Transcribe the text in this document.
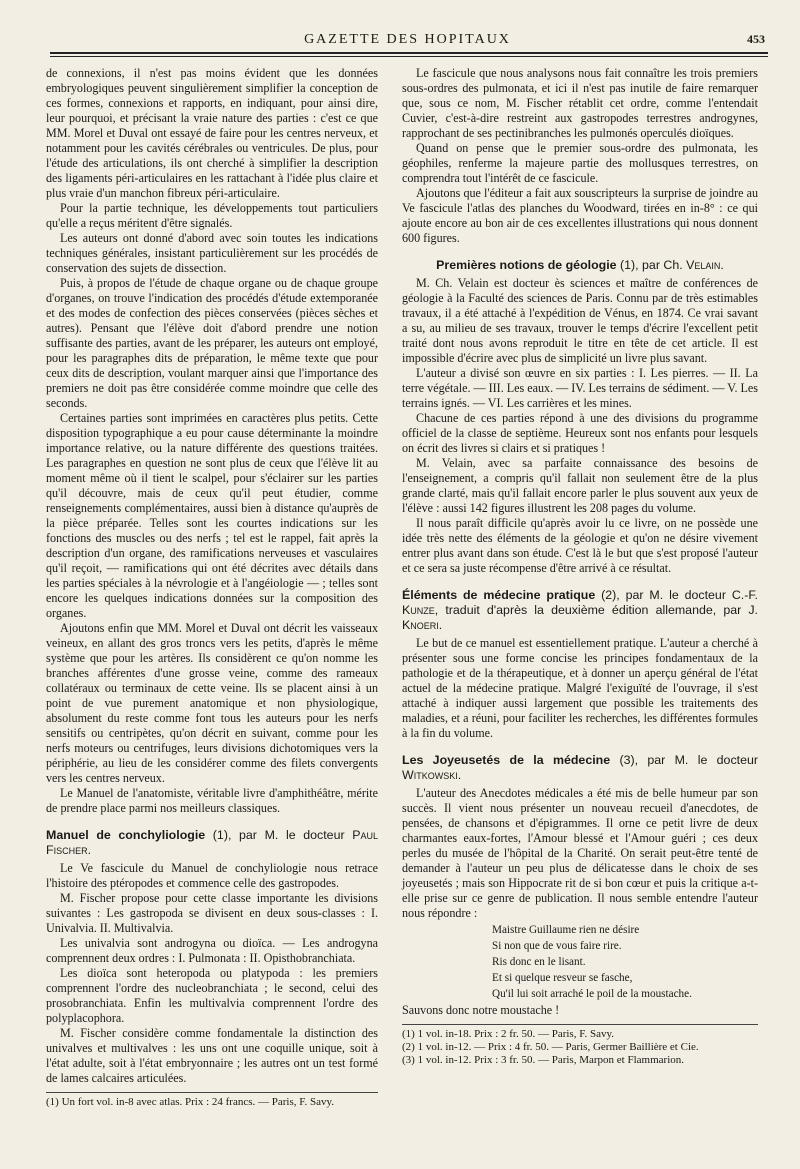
GAZETTE DES HOPITAUX	453

de connexions, il n'est pas moins évident que les données embryologiques peuvent singulièrement simplifier la conception de ces formes, connexions et rapports, en indiquant, pour ainsi dire, leur pourquoi, et précisant la vraie nature des parties : c'est ce que MM. Morel et Duval ont essayé de faire pour les centres nerveux, et notamment pour les cavités cérébrales ou ventricules. De plus, pour l'étude des articulations, ils ont cherché à simplifier la description des ligaments péri-articulaires en les rattachant à l'idée plus claire et plus vraie d'un manchon fibreux péri-articulaire.

Pour la partie technique, les développements tout particuliers qu'elle a reçus méritent d'être signalés.

Les auteurs ont donné d'abord avec soin toutes les indications techniques générales, insistant particulièrement sur les procédés de conservation des sujets de dissection.

Puis, à propos de l'étude de chaque organe ou de chaque groupe d'organes, on trouve l'indication des procédés d'étude extemporanée et des modes de confection des pièces conservées (pièces sèches et autres). Pensant que l'élève doit d'abord prendre une notion suffisante des parties, avant de les préparer, les auteurs ont employé, pour les paragraphes dits de préparation, le même texte que pour ceux dits de description, voulant marquer ainsi que l'importance des premiers ne doit pas être considérée comme moindre que celle des seconds.

Certaines parties sont imprimées en caractères plus petits. Cette disposition typographique a eu pour cause déterminante la moindre importance relative, ou la nature différente des questions traitées. Les paragraphes en question ne sont plus de ceux que l'élève lit au moment même où il tient le scalpel, pour s'éclairer sur les parties qu'il découvre, mais de ceux qu'il peut étudier, comme renseignements complémentaires, aussi bien à distance qu'auprès de la pièce préparée. Telles sont les courtes indications sur les fonctions des muscles ou des nerfs ; tel est le rappel, fait après la description d'un organe, des ramifications nerveuses et vasculaires qu'il reçoit, — ramifications qui ont été décrites avec détails dans les parties spéciales à la névrologie et à l'angéiologie — ; telles sont encore les quelques indications données sur la composition des organes.

Ajoutons enfin que MM. Morel et Duval ont décrit les vaisseaux veineux, en allant des gros troncs vers les petits, d'après le même système que pour les artères. Ils considèrent ce qu'on nomme les branches afférentes d'une grosse veine, comme des rameaux collatéraux ou terminaux de cette veine. Ils se placent ainsi à un point de vue purement anatomique et non physiologique, absolument du reste comme font tous les auteurs pour les nerfs sensitifs ou centripètes, qu'on décrit en suivant, comme pour les nerfs moteurs ou centrifuges, leurs divisions dichotomiques vers la périphérie, au lieu de les considérer comme des filets convergents vers les centres nerveux.

Le Manuel de l'anatomiste, véritable livre d'amphithéâtre, mérite de prendre place parmi nos meilleurs classiques.

Manuel de conchyliologie (1), par M. le docteur Paul Fischer.

Le Ve fascicule du Manuel de conchyliologie nous retrace l'histoire des ptéropodes et commence celle des gastropodes.

M. Fischer propose pour cette classe importante les divisions suivantes : Les gastropoda se divisent en deux sous-classes : I. Univalvia. II. Multivalvia.

Les univalvia sont androgyna ou dioïca. — Les androgyna comprennent deux ordres : I. Pulmonata : II. Opisthobranchiata.

Les dioïca sont heteropoda ou platypoda : les premiers comprennent l'ordre des nucleobranchiata ; le second, celui des prosobranchiata. Enfin les multivalvia comprennent l'ordre des polyplacophora.

M. Fischer considère comme fondamentale la distinction des univalves et multivalves : les uns ont une coquille unique, soit à l'état adulte, soit à l'état embryonnaire ; les autres ont un test formé de lames calcaires articulées.

(1) Un fort vol. in-8 avec atlas. Prix : 24 francs. — Paris, F. Savy.

Le fascicule que nous analysons nous fait connaître les trois premiers sous-ordres des pulmonata, et ici il n'est pas inutile de faire remarquer que, sous ce nom, M. Fischer rétablit cet ordre, comme l'entendait Cuvier, c'est-à-dire restreint aux gastropodes terrestres androgynes, rapprochant de ses pectinibranches les pulmonés operculés dioïques.

Quand on pense que le premier sous-ordre des pulmonata, les géophiles, renferme la majeure partie des mollusques terrestres, on comprendra tout l'intérêt de ce fascicule.

Ajoutons que l'éditeur a fait aux souscripteurs la surprise de joindre au Ve fascicule l'atlas des planches du Woodward, tirées en in-8° : ce qui ajoute encore au bon air de ces excellentes illustrations qui nous donnent 600 figures.

Premières notions de géologie (1), par Ch. Velain.

M. Ch. Velain est docteur ès sciences et maître de conférences de géologie à la Faculté des sciences de Paris. Connu par de très estimables travaux, il a été attaché à l'expédition de Vénus, en 1874. Ce vrai savant a su, au milieu de ses travaux, trouver le temps d'écrire l'excellent petit traité dont nous avons reproduit le titre en tête de cet article. Il est impossible d'écrire avec plus de simplicité un livre plus savant.

L'auteur a divisé son œuvre en six parties : I. Les pierres. — II. La terre végétale. — III. Les eaux. — IV. Les terrains de sédiment. — V. Les terrains ignés. — VI. Les carrières et les mines.

Chacune de ces parties répond à une des divisions du programme officiel de la classe de septième. Heureux sont nos enfants pour lesquels on écrit des livres si clairs et si pratiques !

M. Velain, avec sa parfaite connaissance des besoins de l'enseignement, a compris qu'il fallait non seulement être de la plus grande clarté, mais qu'il fallait encore parler le plus souvent aux yeux de l'élève : aussi 142 figures illustrent les 208 pages du volume.

Il nous paraît difficile qu'après avoir lu ce livre, on ne possède une idée très nette des éléments de la géologie et qu'on ne désire vivement entrer plus avant dans son étude. C'est là le but que s'est proposé l'auteur et ce sera sa juste récompense d'être arrivé à ce résultat.

Éléments de médecine pratique (2), par M. le docteur C.-F. Kunze, traduit d'après la deuxième édition allemande, par J. Knoeri.

Le but de ce manuel est essentiellement pratique. L'auteur a cherché à présenter sous une forme concise les principes fondamentaux de la pathologie et de la thérapeutique, et à donner un aperçu général de l'état actuel de la médecine pratique. Malgré l'exiguïté de l'ouvrage, il s'est attaché à indiquer aussi largement que possible les traitements des maladies, et a réuni, pour faciliter les recherches, les différentes formules à la fin du volume.

Les Joyeusetés de la médecine (3), par M. le docteur Witkowski.

L'auteur des Anecdotes médicales a été mis de belle humeur par son succès. Il vient nous présenter un nouveau recueil d'anecdotes, de pensées, de chansons et d'épigrammes. Il orne ce petit livre de deux charmantes eaux-fortes, l'Amour blessé et l'Amour guéri ; ces deux perles du musée de l'hôpital de la Charité. On serait peut-être tenté de demander à l'auteur un peu plus de délicatesse dans le choix de ses joyeusetés ; mais son Hippocrate rit de si bon cœur et puis la critique a-t-elle prise sur ce genre de publication. Il nous semble entendre l'auteur nous répondre :

Maistre Guillaume rien ne désire

Si non que de vous faire rire.

Ris donc en le lisant.

Et si quelque resveur se fasche,

Qu'il lui soit arraché le poil de la moustache.

Sauvons donc notre moustache !

(1) 1 vol. in-18. Prix : 2 fr. 50. — Paris, F. Savy.

(2) 1 vol. in-12. — Prix : 4 fr. 50. — Paris, Germer Baillière et Cie.

(3) 1 vol. in-12. Prix : 3 fr. 50. — Paris, Marpon et Flammarion.
